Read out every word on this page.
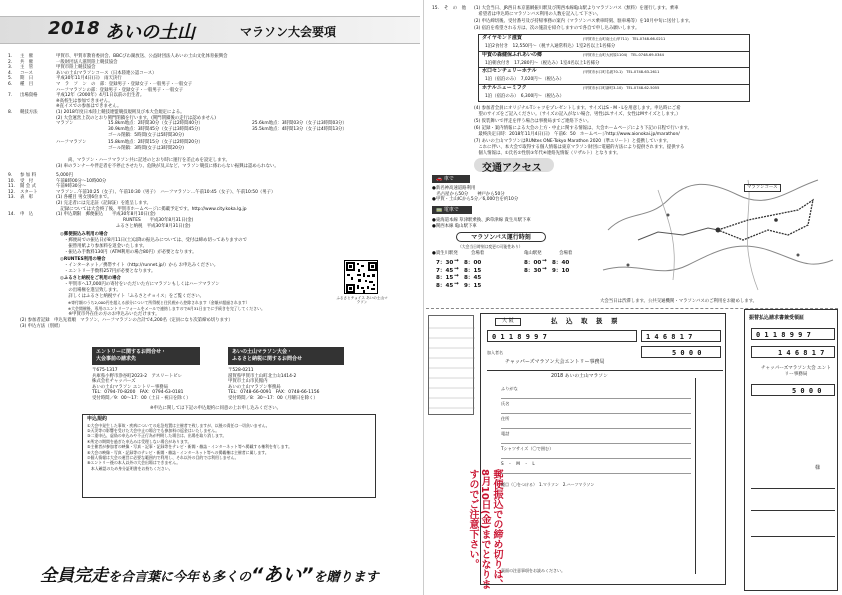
2018 あいの土山	マラソン大会要項
1. 主　催	甲賀市、甲賀市教育委員会、BBCびわ湖放送、公益財団法人あいの土山文化体育振興会
2. 共　催	一般財団法人滋賀陸上競技協会
3. 主　管	甲賀市陸上競技協会
4. コース	あいの土山マラソンコース（日本陸連公認コース）
5. 期　日	平成30年11月4日(日)　雨天決行
6. 種　目	マ　ラ　ソ　ン　の　部：登録男子・登録女子・一般男子・一般女子
ハーフマラソンの部：登録男子・登録女子・一般男子・一般女子
7. 出場資格	平成12年（2000年）4月1日以前の出生者。
※高校生は参加できません。
※直イスでの参加はできません。
8. 競技方法	(1) 2018年度日本陸上競技連盟競技規則及び本大会規定による。
(2) 大会運営上次のとおり関門閉鎖を行います。(関門閉鎖後の走行は認めません)
マラソン	15.8km地点：2時間30分（女子は2時間40分）	25.6km地点：3時間03分（女子は3時間03分）
30.9km地点：3時間45分（女子は3時間45分）	35.5km地点：4時間13分（女子は4時間13分）
ゴール閉鎖：5時間(女子は5時間30分)
ハーフマラソン	15.8km地点：2時間15分（女子は2時間20分）
ゴール閉鎖：3時間(女子は3時間20分)
尚、マラソン・ハーフマラソン共に記述のとおり時に運行を差止めを設定します。
(3) 車のランナーや伴走者を不停止させたり、危険が及ぶなど、マラソン競技に係わらない振興は認められない。
9. 参 加 料	5,000円
10. 受　付	午前8時00分〜10時00分
11. 開 会 式	午前9時30分〜
12. スタート	マラソン…午前10:25（女子）、午前10:30（男子）　ハーフマラソン…午前10:45（女子）、午前10:50（男子）
13. 表　彰	(1) 各種目 男女別6位まで。
(2) 完走者には完走証（記録証）を進呈します。
　記録については大会終了後、甲賀市ホームページに掲載予定です。http://www.city.koka.lg.jp
14. 申　込	(1) 申込期限　郵便振込　　平成30年8月10日(金)
RUNTES　　平成30年8月31日(金)
ふるさと納税　平成30年8月31日(金)
◎郵便振込み利用の場合
・郵便局での振込日が8月11日(土)以降の振込みについては、受付は締め切ってありますので
　振替用紙より参加料を返金いたします。
・振込み手数料130円（ATM利用の場合80円）が必要となります。
◎RUNTES利用の場合
・インターネット／携帯サイト（http://runnet.jp/）から お申込みください。
・エントリー手数料257円が必要となります。
◎ふるさと納税をご利用の場合
・甲賀市へ17,000円の寄付をいただいた方にマラソンもしくはハーフマラソン
　の出場権を進呈致します。
　詳しくはふるさと納税サイト「ふるさとチョイス」をご覧ください。
　※寄付額のうち2,000円を超える部分について所得税と住民税から控除されます（金額が超過されます）
　※大会開催後、専用のエントリーフォームをメールで連絡しますので8月31日までに手続きを完了してください。
　※甲賀市外在住の方のお申込みいただけます。
(2) 参加者記録　申込先着順　マラソン、ハーフマラソンの合計で4,200名（定員になり次第締め切ります）
(3) 申込方法（別紙）
ふるさとチョイス あいの土山マラソン
エントリーに関するお問合せ・
大会事前の請求先
〒675-1317
兵庫県小野市浄谷町2023-2　アスリートビレ
株式会社チャッパーズ
あいの土山マラソン エントリー事務局
TEL：0794-70-8200　FAX：0794-63-0181
受付時間／9：00〜17：00（土日・祝日を除く）
あいの土山マラソン大会・
ふるさと納税に関するお問合せ
〒528-0211
滋賀県甲賀市土山町北土山1414-2
甲賀市土山市民館内
あいの土山マラソン事務局
TEL：0748-66-0091　FAX：0748-66-1156
受付時間／8：30〜17：00（月曜日を除く）
※申込に関しては下記の申込規約に同意の上お申し込みください。
申込規約
①大会中発生した事故・疾病についての応急処置は主催者で致しますが、以後の責任は一切負いません。
②天災等の影響を受けた大会中止の場合でも参加料の返金はいたしません。
③二重申込、虚偽の申込みや不正行為が判明した場合は、出場を取り消します。
④所定の期間を過ぎた申込みは受理しない場合があります。
⑤主催者が参加者の映像・写真・記事・記録等をテレビ・新聞・雑誌・インターネット等へ掲載する権利を有します。
⑥大会の映像・写真・記録等のテレビ・新聞・雑誌・インターネット等への掲載権は主催者に属します。
⑦個人情報は大会の運営に必要な範囲内で利用し、それ以外の目的では利用しません。
⑧エントリー後の本人以外の大会出場はできません。
　本人確認のため身分証明書をお持ちください。
全員完走を合言葉に今年も多くの“あい”を贈ります
15. そ　の　他 (1) 大会当日、JR西日本京滋網振川駅及び関西本線亀山駅よりマラソンバス（無料）を運行します。乗車
　希望者は申込時にマラソンバス利用の人数を記入して下さい。
(2) 申込締切後、受付番号及び持帰事務の案内（マラソンバス乗車時刻、駐車場等）を10月中旬に送付します。
(3) 宿泊を希望される方は、次の施設を紹介しますので各自で申し込み願いします。
ダイヤモンド滋賀	(甲賀市土山町南土山甲711)　TEL.0748-66-0211
1泊2食付き　12,550円〜（税サ入通常料込）1室2名以上1名様分
甲賀の森健保ふれあいの郷	(甲賀市土山町大河原1104)　TEL.0748-69-0344
1泊朝食付き　17,280円〜（税込み）1室4名以上1名様分
水口センチュリーホテル	(甲賀市水口町名坂70-1)　TEL.0748-63-2611
1泊（宿泊のみ）　7,020円〜（税込み）
ホテルニューミフク	(甲賀市水口町新町3-10)　TEL.0748-62-5055
1泊（宿泊のみ）　6,300円〜（税込み）
(4) 参加者全員にオリジナルTシャツをプレゼントします。サイズはS・M・Lを用意します。申込時にご希
　望のサイズをご記入ください。（サイズの記入がない場合、男性はLサイズ、女性はMサイズとします。）
(5) 仮装舞いで伴走を伴う場合は事務局までご連絡下さい。
(6) 記録・案内情報による大会の上方・中止に関する情報は、大会ホームページにより下記の日程で行います。
　最終決定日時：2018年11月4日(日)　午前6：50　ホームページhttp://www.aionokai.jp/marathon/
(7) あいの土山マラソンはRUNtes ONE-Tokyo Marathon 2020（準エリート）と提携しています。
　これに伴い、本大会で取得する個人情報は東京マラソン財団に電磁的方法により提供されます。提供する
　個人情報は、①氏名②性別③年代④連絡先情報（リザルト）となります。
交通アクセス
🚗 車で
●新名神高速道路利用
　名古屋から50分　　神戸から50分
●甲賀・土山ICから5分／6,000台を約10分
🚃 電車で
●東海道本線 草津駅乗換、JR草津線 貴生川駅下車
●関西本線 亀山駅下車
マラソンバス運行時刻
（大会当日時刻は変更の可能性あり）
●貴生川駅発　　　会場着	亀山駅発　　　　会場着
7：30 → 8：00	8：00 → 8：40
7：45 → 8：15	8：30 → 9：10
8：15 → 8：45
8：45 → 9：15
マラソンコース
大会当日は渋滞します。公共交通機関・マラソンバスのご利用をお勧めします。
郵便振込での締め切りは、8月10日(金)までとなりますのでご注意下さい。
払　込　取　扱　票
大 阪
0 1 1 8 9 9 7	1 4 6 8 1 7
5 0 0 0
加入者名
チャッパーズマラソン大会エントリー事務局
2018 あいの土山マラソン
ふりがな
氏名
住所
電話
Tシャツサイズ（〇で囲む）
S　・　M　・　L
種目（〇をつける）　1.マラソン　2.ハーフマラソン
裏面の注意事項をお読みください。
振替払込請求書兼受領証
0 1 1 8 9 9 7
1 4 6 8 1 7
チャッパーズマラソン大会 エントリー事務局
5 0 0 0
様
